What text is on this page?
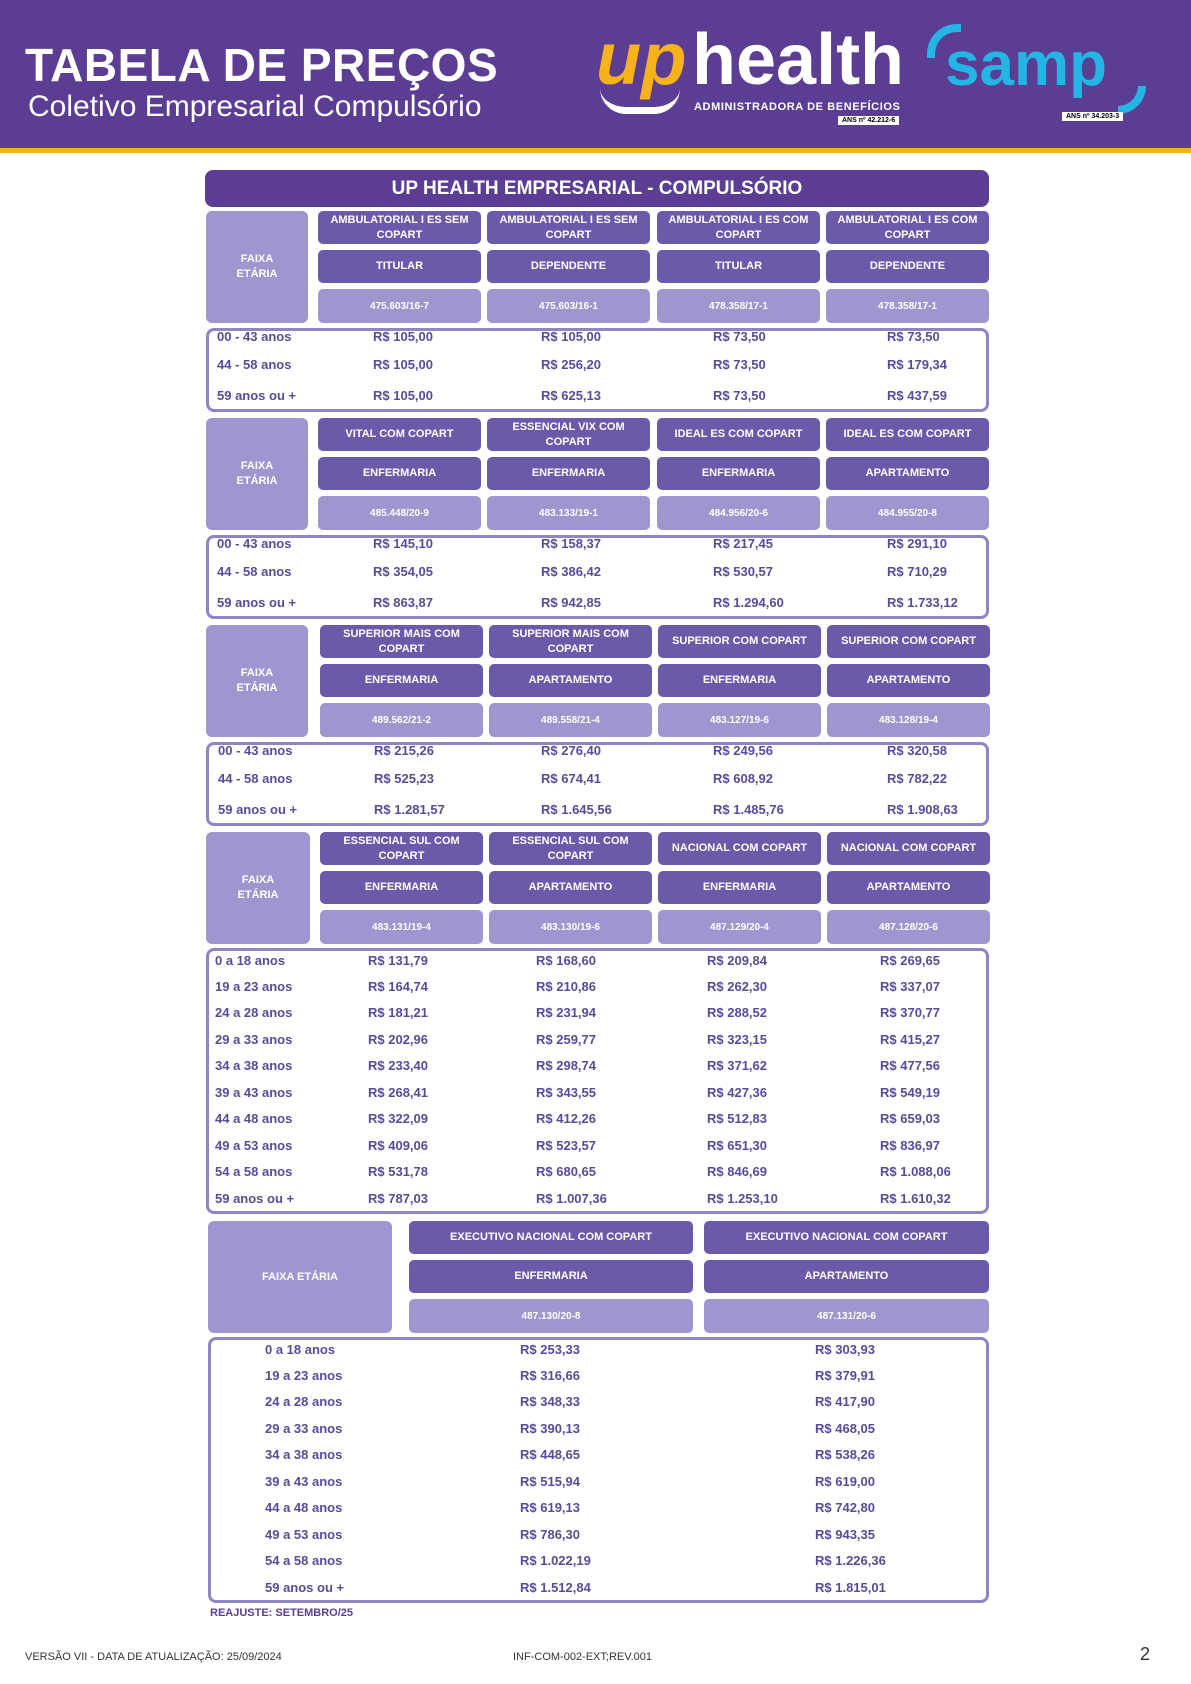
TABELA DE PREÇOS
Coletivo Empresarial Compulsório
up health
ADMINISTRADORA DE BENEFÍCIOS
ANS nº 42.212-6
samp
ANS nº 34.203-3
UP HEALTH EMPRESARIAL - COMPULSÓRIO
FAIXA ETÁRIA
AMBULATORIAL I ES SEM COPART
TITULAR
475.603/16-7
AMBULATORIAL I ES SEM COPART
DEPENDENTE
475.603/16-1
AMBULATORIAL I ES COM COPART
TITULAR
478.358/17-1
AMBULATORIAL I ES COM COPART
DEPENDENTE
478.358/17-1
00 - 43 anos	R$ 105,00	R$ 105,00	R$ 73,50	R$ 73,50
44 - 58 anos	R$ 105,00	R$ 256,20	R$ 73,50	R$ 179,34
59 anos ou +	R$ 105,00	R$ 625,13	R$ 73,50	R$ 437,59
FAIXA ETÁRIA
VITAL COM COPART
ENFERMARIA
485.448/20-9
ESSENCIAL VIX COM COPART
ENFERMARIA
483.133/19-1
IDEAL ES COM COPART
ENFERMARIA
484.956/20-6
IDEAL ES COM COPART
APARTAMENTO
484.955/20-8
00 - 43 anos	R$ 145,10	R$ 158,37	R$ 217,45	R$ 291,10
44 - 58 anos	R$ 354,05	R$ 386,42	R$ 530,57	R$ 710,29
59 anos ou +	R$ 863,87	R$ 942,85	R$ 1.294,60	R$ 1.733,12
FAIXA ETÁRIA
SUPERIOR MAIS COM COPART
ENFERMARIA
489.562/21-2
SUPERIOR MAIS COM COPART
APARTAMENTO
489.558/21-4
SUPERIOR COM COPART
ENFERMARIA
483.127/19-6
SUPERIOR COM COPART
APARTAMENTO
483.128/19-4
00 - 43 anos	R$ 215,26	R$ 276,40	R$ 249,56	R$ 320,58
44 - 58 anos	R$ 525,23	R$ 674,41	R$ 608,92	R$ 782,22
59 anos ou +	R$ 1.281,57	R$ 1.645,56	R$ 1.485,76	R$ 1.908,63
FAIXA ETÁRIA
ESSENCIAL SUL COM COPART
ENFERMARIA
483.131/19-4
ESSENCIAL SUL COM COPART
APARTAMENTO
483.130/19-6
NACIONAL COM COPART
ENFERMARIA
487.129/20-4
NACIONAL COM COPART
APARTAMENTO
487.128/20-6
0 a 18 anos	R$ 131,79	R$ 168,60	R$ 209,84	R$ 269,65
19 a 23 anos	R$ 164,74	R$ 210,86	R$ 262,30	R$ 337,07
24 a 28 anos	R$ 181,21	R$ 231,94	R$ 288,52	R$ 370,77
29 a 33 anos	R$ 202,96	R$ 259,77	R$ 323,15	R$ 415,27
34 a 38 anos	R$ 233,40	R$ 298,74	R$ 371,62	R$ 477,56
39 a 43 anos	R$ 268,41	R$ 343,55	R$ 427,36	R$ 549,19
44 a 48 anos	R$ 322,09	R$ 412,26	R$ 512,83	R$ 659,03
49 a 53 anos	R$ 409,06	R$ 523,57	R$ 651,30	R$ 836,97
54 a 58 anos	R$ 531,78	R$ 680,65	R$ 846,69	R$ 1.088,06
59 anos ou +	R$ 787,03	R$ 1.007,36	R$ 1.253,10	R$ 1.610,32
FAIXA ETÁRIA
EXECUTIVO NACIONAL COM COPART
ENFERMARIA
487.130/20-8
EXECUTIVO NACIONAL COM COPART
APARTAMENTO
487.131/20-6
0 a 18 anos	R$ 253,33	R$ 303,93
19 a 23 anos	R$ 316,66	R$ 379,91
24 a 28 anos	R$ 348,33	R$ 417,90
29 a 33 anos	R$ 390,13	R$ 468,05
34 a 38 anos	R$ 448,65	R$ 538,26
39 a 43 anos	R$ 515,94	R$ 619,00
44 a 48 anos	R$ 619,13	R$ 742,80
49 a 53 anos	R$ 786,30	R$ 943,35
54 a 58 anos	R$ 1.022,19	R$ 1.226,36
59 anos ou +	R$ 1.512,84	R$ 1.815,01
REAJUSTE: SETEMBRO/25
VERSÃO VII - DATA DE ATUALIZAÇÃO: 25/09/2024	INF-COM-002-EXT;REV.001	2
